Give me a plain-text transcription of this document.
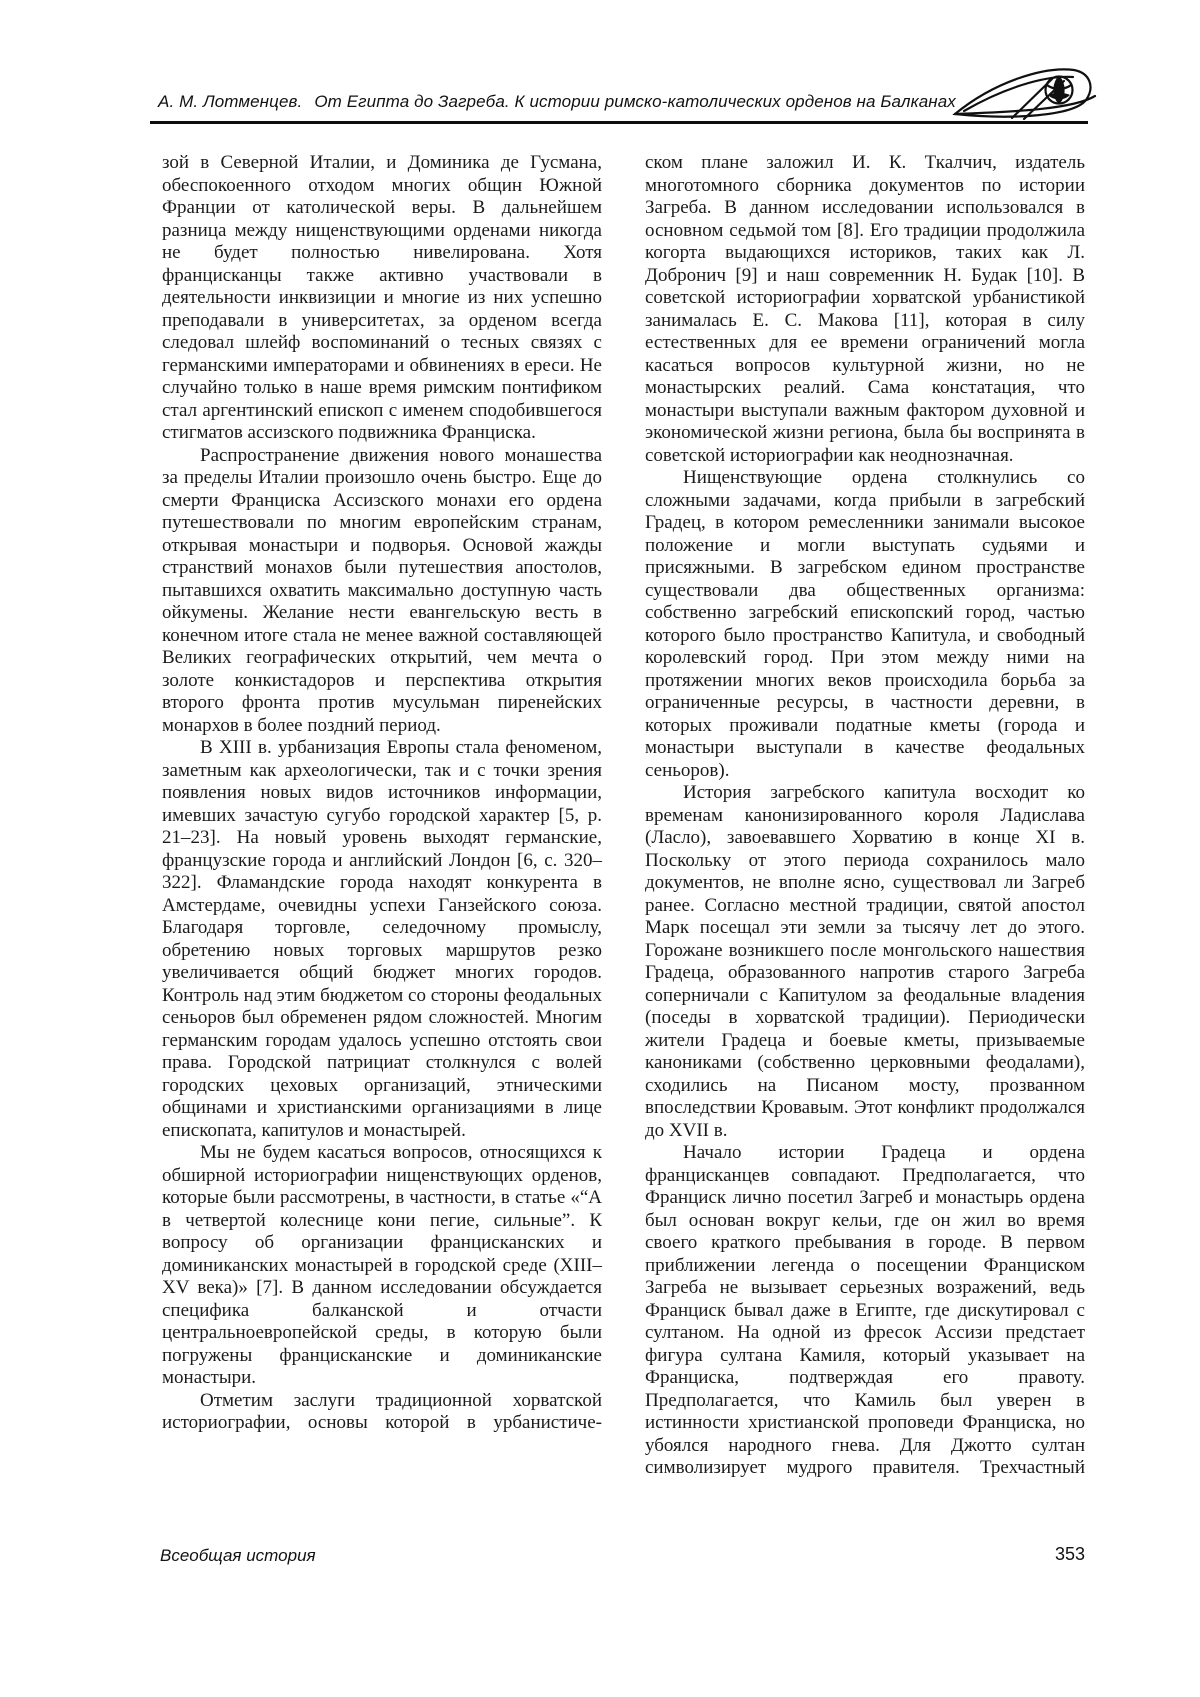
А. М. Лотменцев. От Египта до Загреба. К истории римско-католических орденов на Балканах

зой в Северной Италии, и Доминика де Гусмана, обеспокоенного отходом многих общин Южной Франции от католической веры. В дальнейшем разница между нищенствующими орденами никогда не будет полностью нивелирована. Хотя францисканцы также активно участвовали в деятельности инквизиции и многие из них успешно преподавали в университетах, за орденом всегда следовал шлейф воспоминаний о тесных связях с германскими императорами и обвинениях в ереси. Не случайно только в наше время римским понтификом стал аргентинский епископ с именем сподобившегося стигматов ассизского подвижника Франциска.

Распространение движения нового монашества за пределы Италии произошло очень быстро. Еще до смерти Франциска Ассизского монахи его ордена путешествовали по многим европейским странам, открывая монастыри и подворья. Основой жажды странствий монахов были путешествия апостолов, пытавшихся охватить максимально доступную часть ойкумены. Желание нести евангельскую весть в конечном итоге стала не менее важной составляющей Великих географических открытий, чем мечта о золоте конкистадоров и перспектива открытия второго фронта против мусульман пиренейских монархов в более поздний период.

В XIII в. урбанизация Европы стала феноменом, заметным как археологически, так и с точки зрения появления новых видов источников информации, имевших зачастую сугубо городской характер [5, p. 21–23]. На новый уровень выходят германские, французские города и английский Лондон [6, с. 320–322]. Фламандские города находят конкурента в Амстердаме, очевидны успехи Ганзейского союза. Благодаря торговле, селедочному промыслу, обретению новых торговых маршрутов резко увеличивается общий бюджет многих городов. Контроль над этим бюджетом со стороны феодальных сеньоров был обременен рядом сложностей. Многим германским городам удалось успешно отстоять свои права. Городской патрициат столкнулся с волей городских цеховых организаций, этническими общинами и христианскими организациями в лице епископата, капитулов и монастырей.

Мы не будем касаться вопросов, относящихся к обширной историографии нищенствующих орденов, которые были рассмотрены, в частности, в статье «“А в четвертой колеснице кони пегие, сильные”. К вопросу об организации францисканских и доминиканских монастырей в городской среде (XIII–XV века)» [7]. В данном исследовании обсуждается специфика балканской и отчасти центральноевропейской среды, в которую были погружены францисканские и доминиканские монастыри.

Отметим заслуги традиционной хорватской историографии, основы которой в урбанистиче-

ском плане заложил И. К. Ткалчич, издатель многотомного сборника документов по истории Загреба. В данном исследовании использовался в основном седьмой том [8]. Его традиции продолжила когорта выдающихся историков, таких как Л. Добронич [9] и наш современник Н. Будак [10]. В советской историографии хорватской урбанистикой занималась Е. С. Макова [11], которая в силу естественных для ее времени ограничений могла касаться вопросов культурной жизни, но не монастырских реалий. Сама констатация, что монастыри выступали важным фактором духовной и экономической жизни региона, была бы воспринята в советской историографии как неоднозначная.

Нищенствующие ордена столкнулись со сложными задачами, когда прибыли в загребский Градец, в котором ремесленники занимали высокое положение и могли выступать судьями и присяжными. В загребском едином пространстве существовали два общественных организма: собственно загребский епископский город, частью которого было пространство Капитула, и свободный королевский город. При этом между ними на протяжении многих веков происходила борьба за ограниченные ресурсы, в частности деревни, в которых проживали податные кметы (города и монастыри выступали в качестве феодальных сеньоров).

История загребского капитула восходит ко временам канонизированного короля Ладислава (Ласло), завоевавшего Хорватию в конце XI в. Поскольку от этого периода сохранилось мало документов, не вполне ясно, существовал ли Загреб ранее. Согласно местной традиции, святой апостол Марк посещал эти земли за тысячу лет до этого. Горожане возникшего после монгольского нашествия Градеца, образованного напротив старого Загреба соперничали с Капитулом за феодальные владения (поседы в хорватской традиции). Периодически жители Градеца и боевые кметы, призываемые канониками (собственно церковными феодалами), сходились на Писаном мосту, прозванном впоследствии Кровавым. Этот конфликт продолжался до XVII в.

Начало истории Градеца и ордена францисканцев совпадают. Предполагается, что Франциск лично посетил Загреб и монастырь ордена был основан вокруг кельи, где он жил во время своего краткого пребывания в городе. В первом приближении легенда о посещении Франциском Загреба не вызывает серьезных возражений, ведь Франциск бывал даже в Египте, где дискутировал с султаном. На одной из фресок Ассизи предстает фигура султана Камиля, который указывает на Франциска, подтверждая его правоту. Предполагается, что Камиль был уверен в истинности христианской проповеди Франциска, но убоялся народного гнева. Для Джотто султан символизирует мудрого правителя. Трехчастный

Всеобщая история	353
